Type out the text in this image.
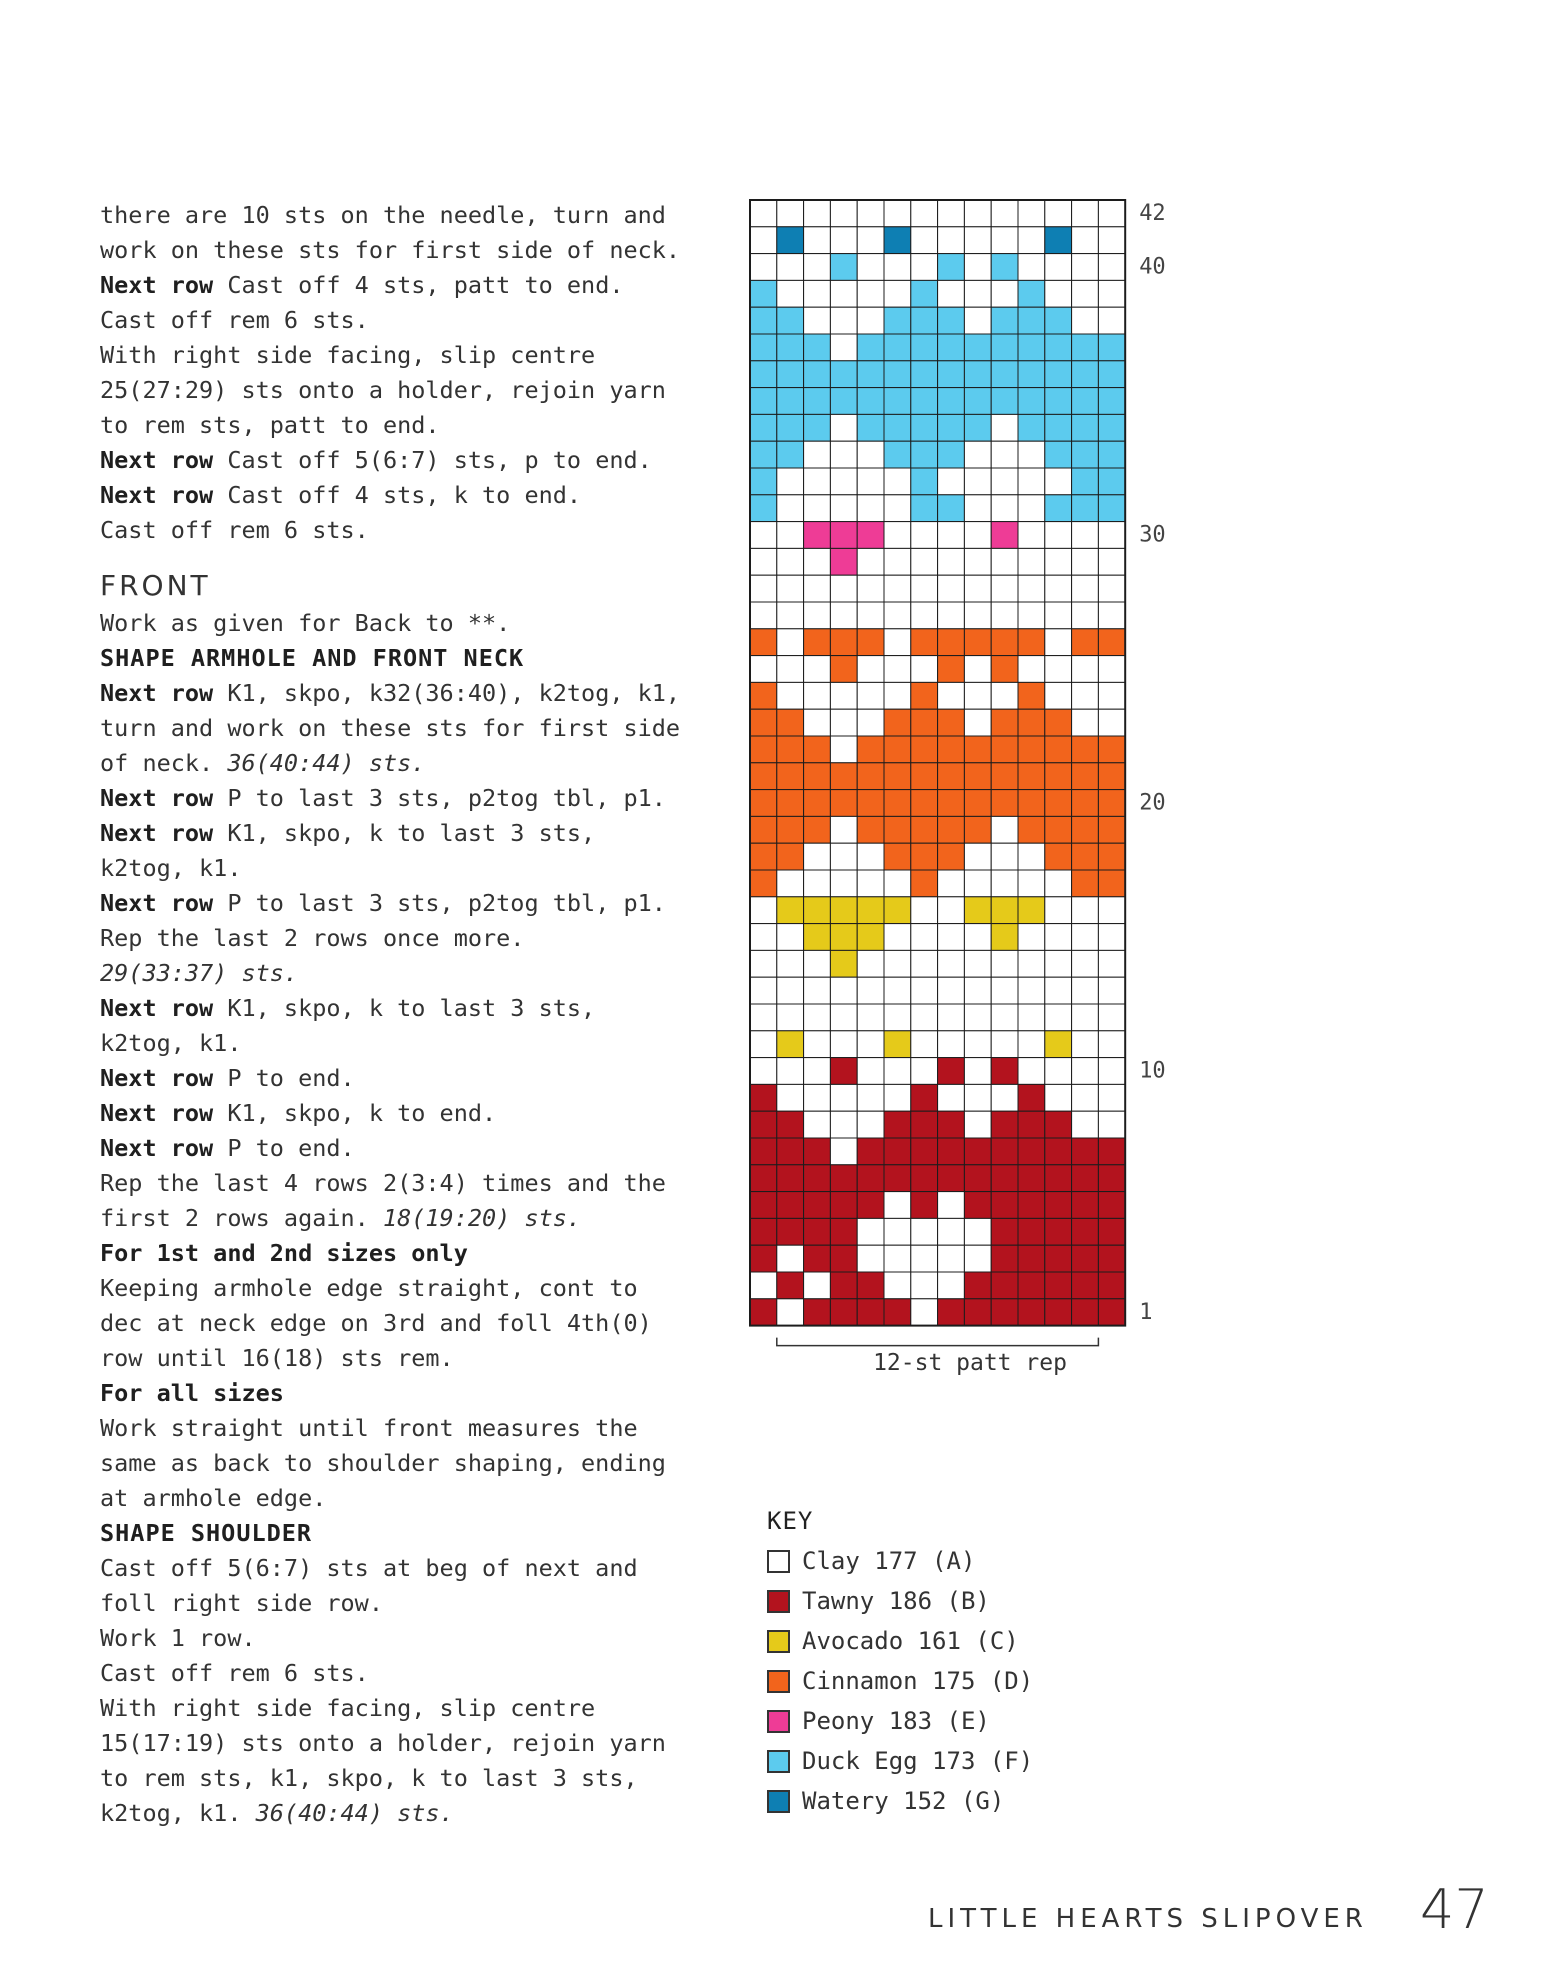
there are 10 sts on the needle, turn and
work on these sts for first side of neck.
Next row Cast off 4 sts, patt to end.
Cast off rem 6 sts.
With right side facing, slip centre
25(27:29) sts onto a holder, rejoin yarn
to rem sts, patt to end.
Next row Cast off 5(6:7) sts, p to end.
Next row Cast off 4 sts, k to end.
Cast off rem 6 sts.
FRONT
Work as given for Back to **.
SHAPE ARMHOLE AND FRONT NECK
Next row K1, skpo, k32(36:40), k2tog, k1,
turn and work on these sts for first side
of neck. 36(40:44) sts.
Next row P to last 3 sts, p2tog tbl, p1.
Next row K1, skpo, k to last 3 sts,
k2tog, k1.
Next row P to last 3 sts, p2tog tbl, p1.
Rep the last 2 rows once more.
29(33:37) sts.
Next row K1, skpo, k to last 3 sts,
k2tog, k1.
Next row P to end.
Next row K1, skpo, k to end.
Next row P to end.
Rep the last 4 rows 2(3:4) times and the
first 2 rows again. 18(19:20) sts.
For 1st and 2nd sizes only
Keeping armhole edge straight, cont to
dec at neck edge on 3rd and foll 4th(0)
row until 16(18) sts rem.
For all sizes
Work straight until front measures the
same as back to shoulder shaping, ending
at armhole edge.
SHAPE SHOULDER
Cast off 5(6:7) sts at beg of next and
foll right side row.
Work 1 row.
Cast off rem 6 sts.
With right side facing, slip centre
15(17:19) sts onto a holder, rejoin yarn
to rem sts, k1, skpo, k to last 3 sts,
k2tog, k1. 36(40:44) sts.
42
40
30
20
10
1
12-st patt rep
KEY
Clay 177 (A)
Tawny 186 (B)
Avocado 161 (C)
Cinnamon 175 (D)
Peony 183 (E)
Duck Egg 173 (F)
Watery 152 (G)
LITTLE HEARTS SLIPOVER 47
